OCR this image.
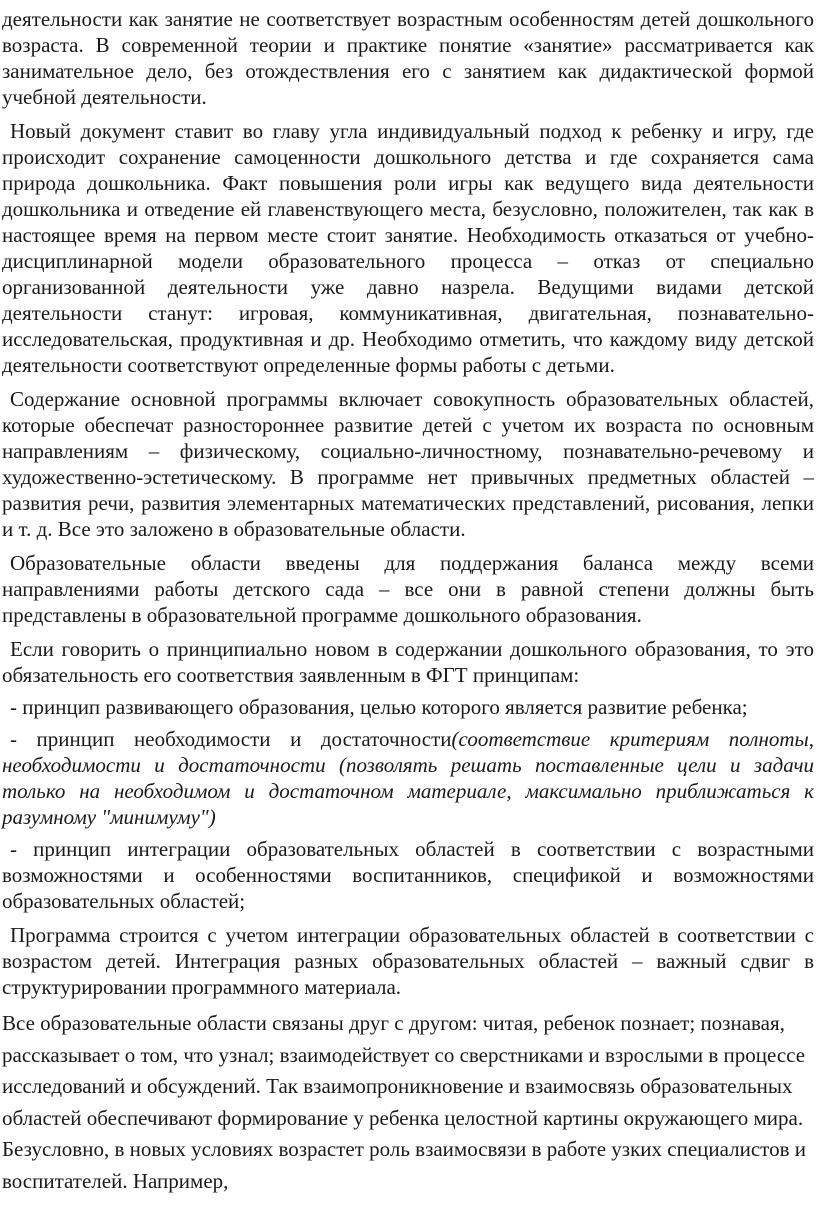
деятельности как занятие не соответствует возрастным особенностям детей дошкольного возраста. В современной теории и практике понятие «занятие» рассматривается как занимательное дело, без отождествления его с занятием как дидактической формой учебной деятельности.

Новый документ ставит во главу угла индивидуальный подход к ребенку и игру, где происходит сохранение самоценности дошкольного детства и где сохраняется сама природа дошкольника. Факт повышения роли игры как ведущего вида деятельности дошкольника и отведение ей главенствующего места, безусловно, положителен, так как в настоящее время на первом месте стоит занятие. Необходимость отказаться от учебно-дисциплинарной модели образовательного процесса – отказ от специально организованной деятельности уже давно назрела. Ведущими видами детской деятельности станут: игровая, коммуникативная, двигательная, познавательно-исследовательская, продуктивная и др. Необходимо отметить, что каждому виду детской деятельности соответствуют определенные формы работы с детьми.

Содержание основной программы включает совокупность образовательных областей, которые обеспечат разностороннее развитие детей с учетом их возраста по основным направлениям – физическому, социально-личностному, познавательно-речевому и художественно-эстетическому. В программе нет привычных предметных областей – развития речи, развития элементарных математических представлений, рисования, лепки и т. д. Все это заложено в образовательные области.

Образовательные области введены для поддержания баланса между всеми направлениями работы детского сада – все они в равной степени должны быть представлены в образовательной программе дошкольного образования.

Если говорить о принципиально новом в содержании дошкольного образования, то это обязательность его соответствия заявленным в ФГТ принципам:

- принцип развивающего образования, целью которого является развитие ребенка;

- принцип необходимости и достаточности(соответствие критериям полноты, необходимости и достаточности (позволять решать поставленные цели и задачи только на необходимом и достаточном материале, максимально приближаться к разумному "минимуму")

- принцип интеграции образовательных областей в соответствии с возрастными возможностями и особенностями воспитанников, спецификой и возможностями образовательных областей;

Программа строится с учетом интеграции образовательных областей в соответствии с возрастом детей. Интеграция разных образовательных областей – важный сдвиг в структурировании программного материала.

Все образовательные области связаны друг с другом: читая, ребенок познает; познавая, рассказывает о том, что узнал; взаимодействует со сверстниками и взрослыми в процессе исследований и обсуждений. Так взаимопроникновение и взаимосвязь образовательных областей обеспечивают формирование у ребенка целостной картины окружающего мира. Безусловно, в новых условиях возрастет роль взаимосвязи в работе узких специалистов и воспитателей. Например,
